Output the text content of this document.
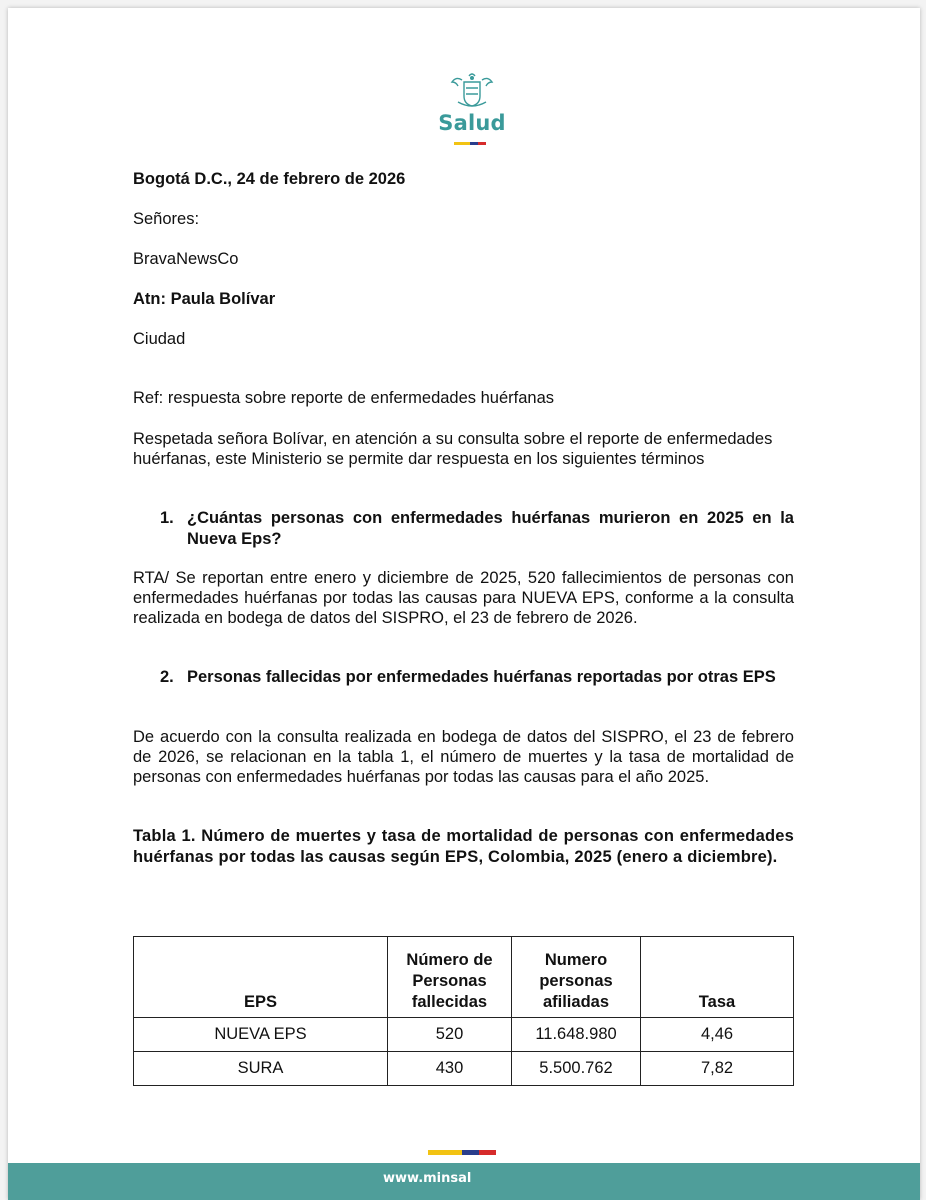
Salud

Bogotá D.C., 24 de febrero de 2026

Señores:

BravaNewsCo

Atn: Paula Bolívar

Ciudad

Ref: respuesta sobre reporte de enfermedades huérfanas

Respetada señora Bolívar, en atención a su consulta sobre el reporte de enfermedades huérfanas, este Ministerio se permite dar respuesta en los siguientes términos

1. ¿Cuántas personas con enfermedades huérfanas murieron en 2025 en la Nueva Eps?

RTA/ Se reportan entre enero y diciembre de 2025, 520 fallecimientos de personas con enfermedades huérfanas por todas las causas para NUEVA EPS, conforme a la consulta realizada en bodega de datos del SISPRO, el 23 de febrero de 2026.

2. Personas fallecidas por enfermedades huérfanas reportadas por otras EPS

De acuerdo con la consulta realizada en bodega de datos del SISPRO, el 23 de febrero de 2026, se relacionan en la tabla 1, el número de muertes y la tasa de mortalidad de personas con enfermedades huérfanas por todas las causas para el año 2025.

Tabla 1. Número de muertes y tasa de mortalidad de personas con enfermedades huérfanas por todas las causas según EPS, Colombia, 2025 (enero a diciembre).

EPS	Número de Personas fallecidas	Numero personas afiliadas	Tasa
NUEVA EPS	520	11.648.980	4,46
SURA	430	5.500.762	7,82
www.minsal
